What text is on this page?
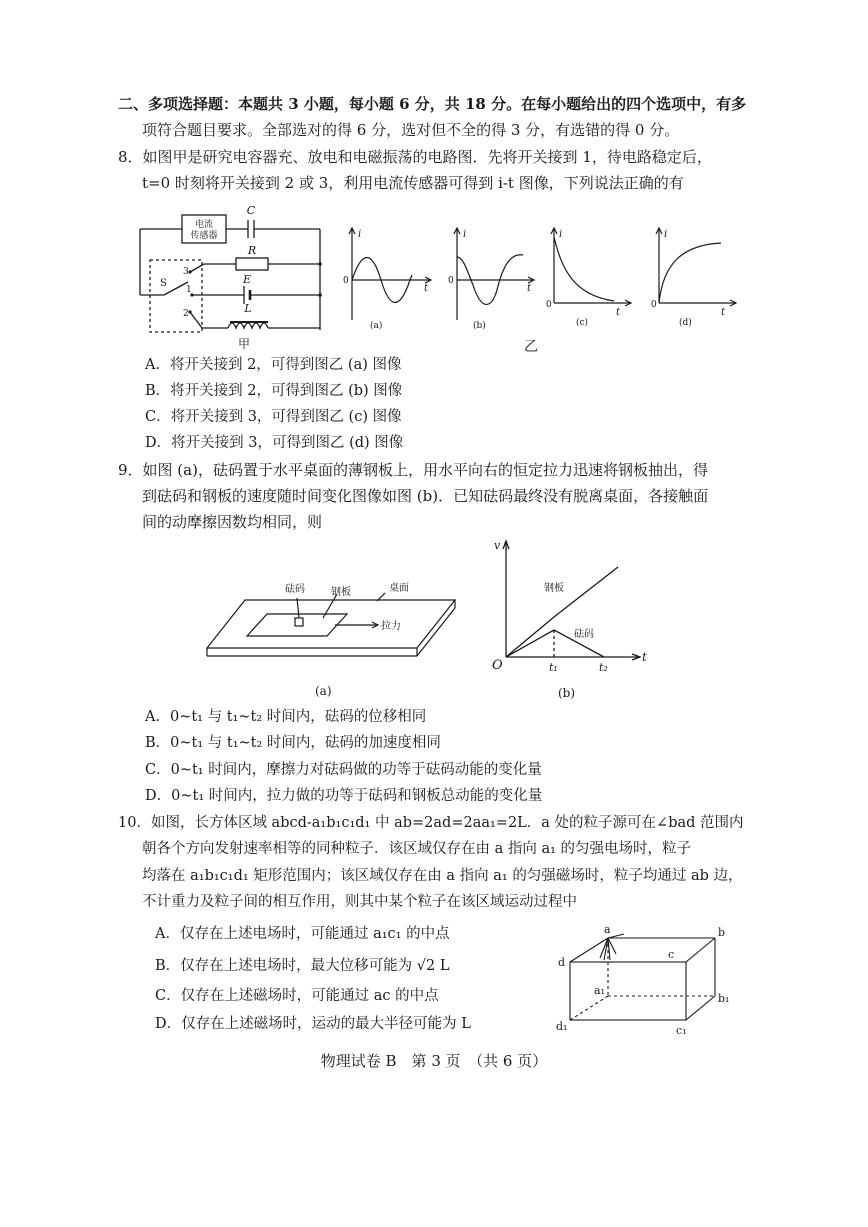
二、多项选择题：本题共 3 小题，每小题 6 分，共 18 分。在每小题给出的四个选项中，有多
项符合题目要求。全部选对的得 6 分，选对但不全的得 3 分，有选错的得 0 分。
8．如图甲是研究电容器充、放电和电磁振荡的电路图．先将开关接到 1，待电路稳定后，
t=0 时刻将开关接到 2 或 3，利用电流传感器可得到 i-t 图像，下列说法正确的有
电流
传感器
C
R
E
L
S
3
1
2
甲
i
t
0
(a)
i
t
0
(b)
i
t
0
(c)
i
t
0
(d)
乙
A．将开关接到 2，可得到图乙 (a) 图像
B．将开关接到 2，可得到图乙 (b) 图像
C．将开关接到 3，可得到图乙 (c) 图像
D．将开关接到 3，可得到图乙 (d) 图像
9．如图 (a)，砝码置于水平桌面的薄钢板上，用水平向右的恒定拉力迅速将钢板抽出，得
到砝码和钢板的速度随时间变化图像如图 (b)．已知砝码最终没有脱离桌面，各接触面
间的动摩擦因数均相同，则
砝码	钢板	桌面
拉力
(a)
v
t
O	t₁	t₂
钢板
砝码
(b)
A．0~t₁ 与 t₁~t₂ 时间内，砝码的位移相同
B．0~t₁ 与 t₁~t₂ 时间内，砝码的加速度相同
C．0~t₁ 时间内，摩擦力对砝码做的功等于砝码动能的变化量
D．0~t₁ 时间内，拉力做的功等于砝码和钢板总动能的变化量
10．如图，长方体区域 abcd-a₁b₁c₁d₁ 中 ab=2ad=2aa₁=2L．a 处的粒子源可在∠bad 范围内
朝各个方向发射速率相等的同种粒子．该区域仅存在由 a 指向 a₁ 的匀强电场时，粒子
均落在 a₁b₁c₁d₁ 矩形范围内；该区域仅存在由 a 指向 a₁ 的匀强磁场时，粒子均通过 ab 边，
不计重力及粒子间的相互作用，则其中某个粒子在该区域运动过程中
A．仅存在上述电场时，可能通过 a₁c₁ 的中点
B．仅存在上述电场时，最大位移可能为 √2 L
C．仅存在上述磁场时，可能通过 ac 的中点
D．仅存在上述磁场时，运动的最大半径可能为 L
a	b
c
d
a₁
b₁
c₁
d₁
物理试卷 B　第 3 页　（共 6 页）
